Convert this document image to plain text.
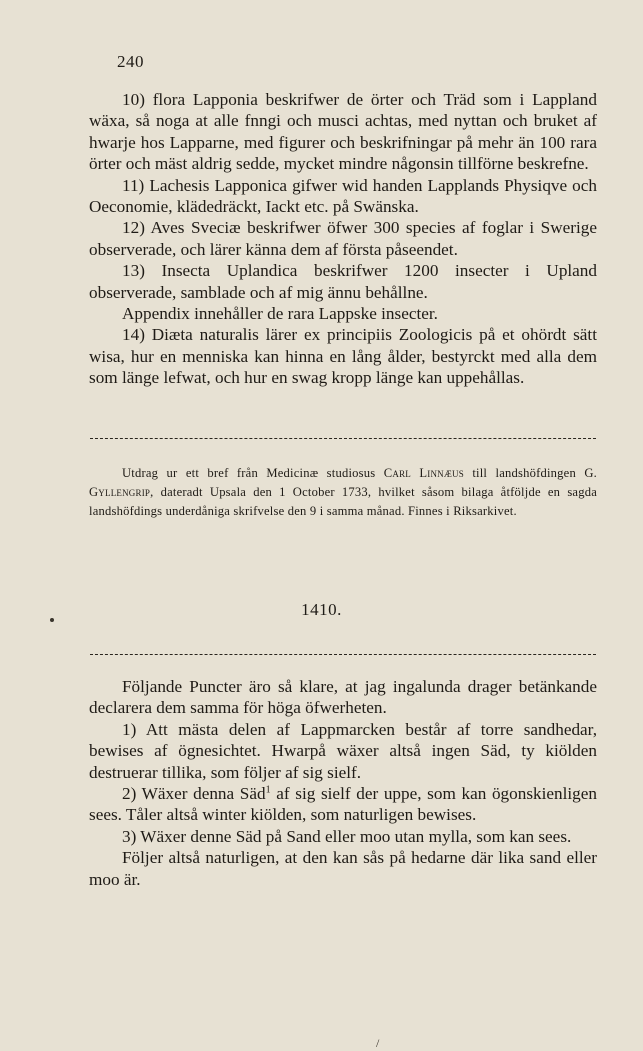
240

10) flora Lapponia beskrifwer de örter och Träd som i Lappland wäxa, så noga at alle fnngi och musci achtas, med nyttan och bruket af hwarje hos Lapparne, med figurer och beskrifningar på mehr än 100 rara örter och mäst aldrig sedde, mycket mindre någonsin tillförne beskrefne.

11) Lachesis Lapponica gifwer wid handen Lapplands Physiqve och Oeconomie, klädedräckt, Iackt etc. på Swänska.

12) Aves Sveciæ beskrifwer öfwer 300 species af foglar i Swerige observerade, och lärer känna dem af första påseendet.

13) Insecta Uplandica beskrifwer 1200 insecter i Upland observerade, samblade och af mig ännu behållne.

Appendix innehåller de rara Lappske insecter.

14) Diæta naturalis lärer ex principiis Zoologicis på et ohördt sätt wisa, hur en menniska kan hinna en lång ålder, bestyrckt med alla dem som länge lefwat, och hur en swag kropp länge kan uppehållas.

Utdrag ur ett bref från Medicinæ studiosus Carl Linnæus till landshöfdingen G. Gyllengrip, dateradt Upsala den 1 October 1733, hvilket såsom bilaga åtföljde en sagda landshöfdings underdåniga skrifvelse den 9 i samma månad. Finnes i Riksarkivet.
1410.

Följande Puncter äro så klare, at jag ingalunda drager betänkande declarera dem samma för höga öfwerheten.

1) Att mästa delen af Lappmarcken består af torre sandhedar, bewises af ögnesichtet. Hwarpå wäxer altså ingen Säd, ty kiölden destruerar tillika, som följer af sig sielf.

2) Wäxer denna Säd$^1$ af sig sielf der uppe, som kan ögonskienligen sees. Tåler altså winter kiölden, som naturligen bewises.

3) Wäxer denne Säd på Sand eller moo utan mylla, som kan sees.

Följer altså naturligen, at den kan sås på hedarne där lika sand eller moo är.

/
